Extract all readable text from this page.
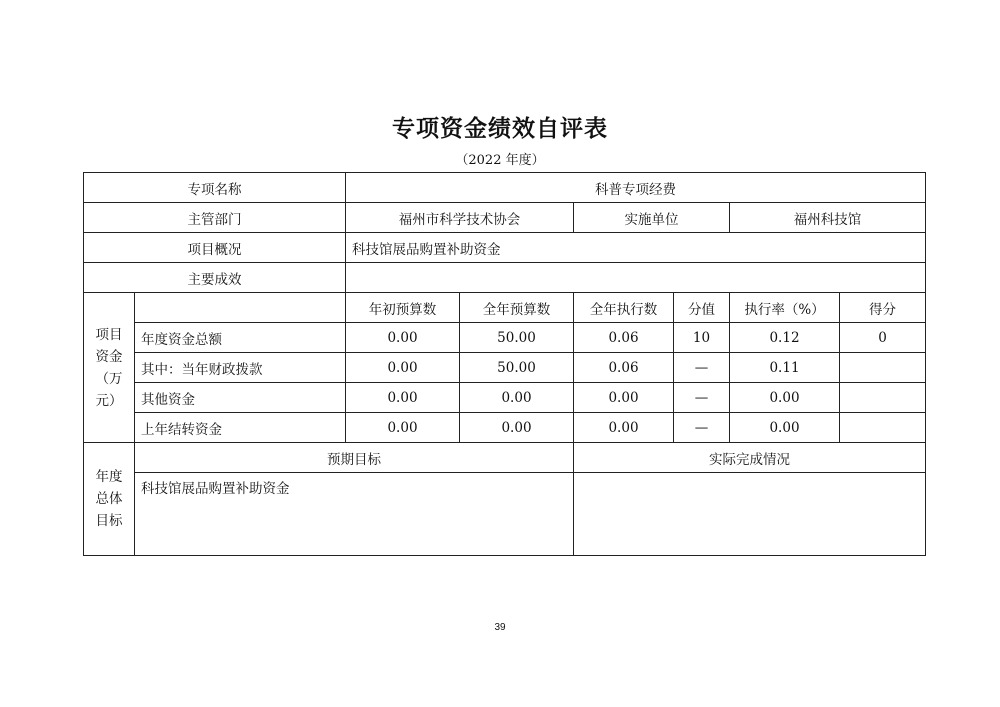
专项资金绩效自评表
（2022 年度）
专项名称		科普专项经费					
主管部门		福州市科学技术协会		实施单位		福州科技馆	
项目概况		科技馆展品购置补助资金					
主要成效							
项目
资金
（万
元）		年初预算数	全年预算数	全年执行数	分值	执行率（%）	得分
	年度资金总额	0.00	50.00	0.06	10	0.12	0
	其中：当年财政拨款	0.00	50.00	0.06	—	0.11	
	其他资金	0.00	0.00	0.00	—	0.00	
	上年结转资金	0.00	0.00	0.00	—	0.00	
年度
总体
目标	预期目标			实际完成情况			
	科技馆展品购置补助资金						
39
